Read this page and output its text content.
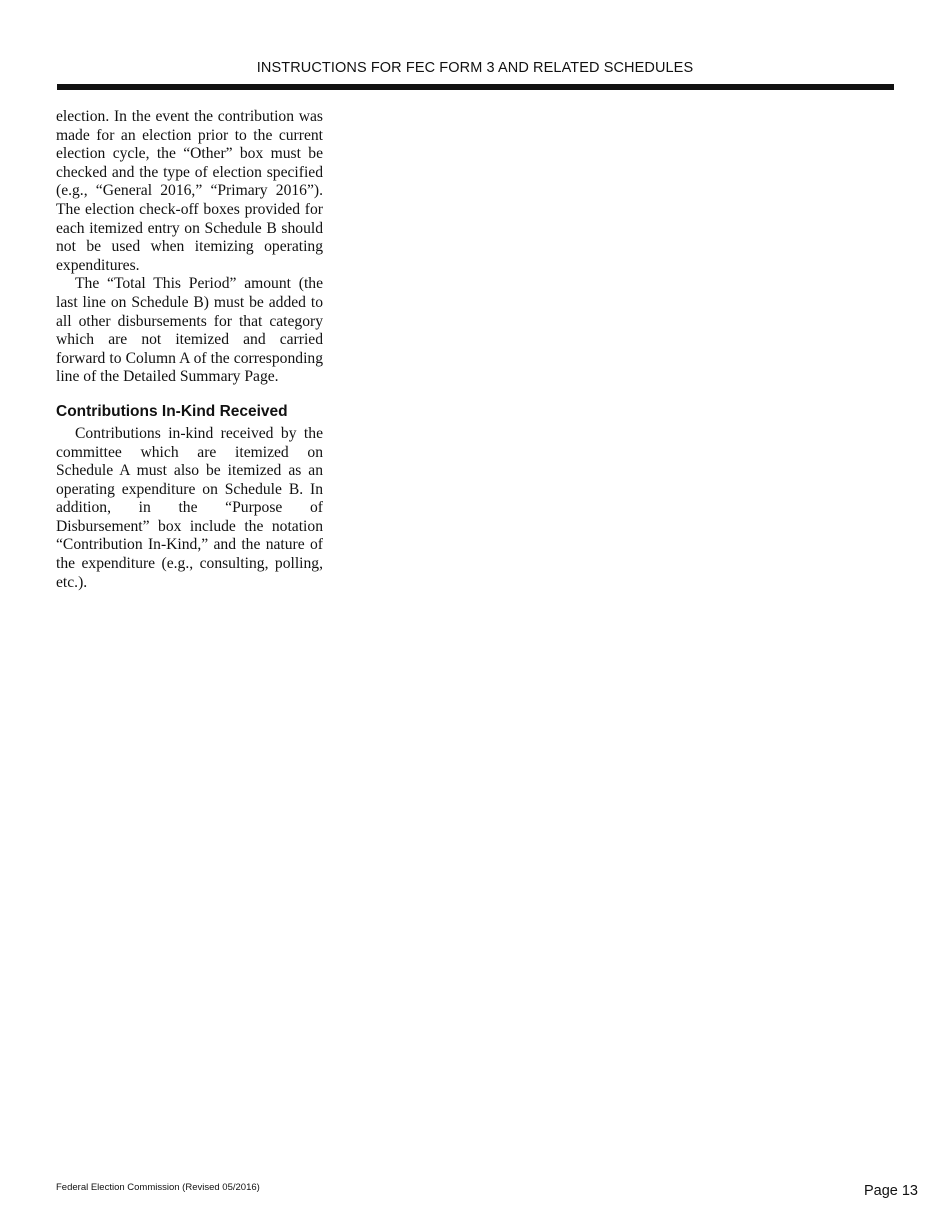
INSTRUCTIONS FOR FEC FORM 3 AND RELATED SCHEDULES

election. In the event the contribution was made for an election prior to the current election cycle, the “Other” box must be checked and the type of election specified (e.g., “General 2016,” “Primary 2016”). The election check-off boxes provided for each itemized entry on Schedule B should not be used when itemizing operating expenditures.

The “Total This Period” amount (the last line on Schedule B) must be added to all other disbursements for that category which are not itemized and carried forward to Column A of the corresponding line of the Detailed Summary Page.

Contributions In-Kind Received

Contributions in-kind received by the committee which are itemized on Schedule A must also be itemized as an operating expenditure on Schedule B. In addition, in the “Purpose of Disbursement” box include the notation “Contribution In-Kind,” and the nature of the expenditure (e.g., consulting, polling, etc.).

Federal Election Commission (Revised 05/2016)	Page 13
